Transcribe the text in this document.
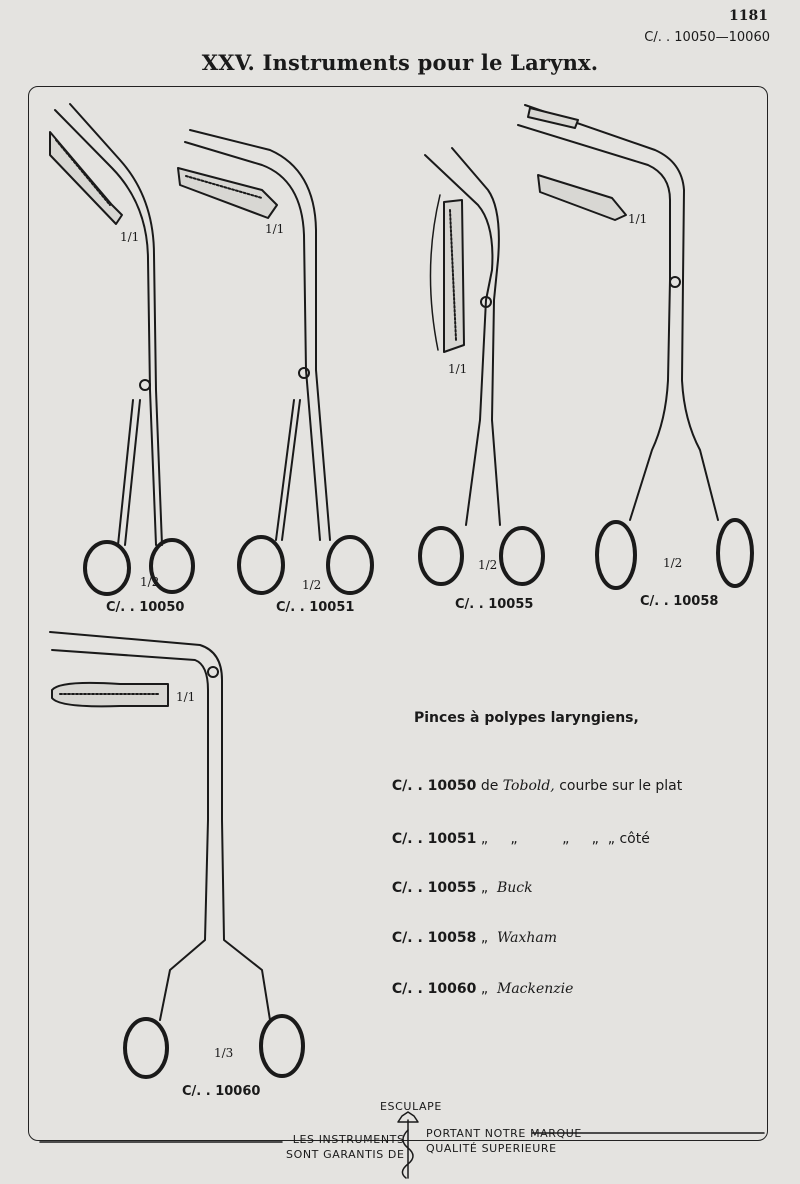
1181
C/. . 10050—10060
XXV. Instruments pour le Larynx.
C/. . 10050
1/2
1/1
C/. . 10051
1/2
1/1
C/. . 10055
1/2
1/1
C/. . 10058
1/2
1/1
C/. . 10060
1/3
1/1
Pinces à polypes laryngiens,

C/. . 10050 de Tobold, courbe sur le plat

C/. . 10051 „     „          „     „  „ côté

C/. . 10055 „  Buck

C/. . 10058 „  Waxham

C/. . 10060 „  Mackenzie

ESCULAPE
LES INSTRUMENTS
SONT GARANTIS DE
PORTANT NOTRE MARQUE
QUALITÉ SUPERIEURE
